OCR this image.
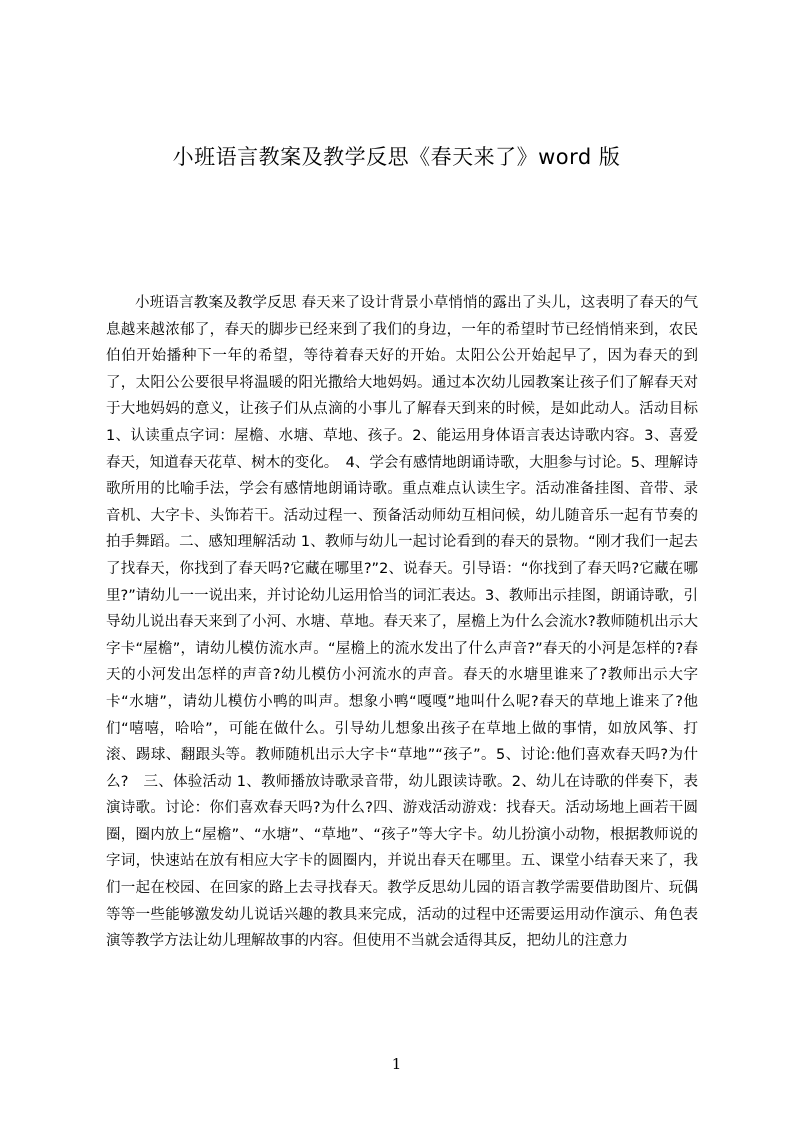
小班语言教案及教学反思《春天来了》word 版

小班语言教案及教学反思 春天来了设计背景小草悄悄的露出了头儿，这表明了春天的气息越来越浓郁了，春天的脚步已经来到了我们的身边，一年的希望时节已经悄悄来到，农民伯伯开始播种下一年的希望，等待着春天好的开始。太阳公公开始起早了，因为春天的到了，太阳公公要很早将温暖的阳光撒给大地妈妈。通过本次幼儿园教案让孩子们了解春天对于大地妈妈的意义，让孩子们从点滴的小事儿了解春天到来的时候，是如此动人。活动目标 1、认读重点字词：屋檐、水塘、草地、孩子。2、能运用身体语言表达诗歌内容。3、喜爱春天，知道春天花草、树木的变化。　4、学会有感情地朗诵诗歌，大胆参与讨论。5、理解诗歌所用的比喻手法，学会有感情地朗诵诗歌。重点难点认读生字。活动准备挂图、音带、录音机、大字卡、头饰若干。活动过程一、预备活动师幼互相问候，幼儿随音乐一起有节奏的拍手舞蹈。二、感知理解活动 1、教师与幼儿一起讨论看到的春天的景物。“刚才我们一起去了找春天，你找到了春天吗?它藏在哪里?”2、说春天。引导语：“你找到了春天吗?它藏在哪里?”请幼儿一一说出来，并讨论幼儿运用恰当的词汇表达。3、教师出示挂图，朗诵诗歌，引导幼儿说出春天来到了小河、水塘、草地。春天来了，屋檐上为什么会流水?教师随机出示大字卡“屋檐”，请幼儿模仿流水声。“屋檐上的流水发出了什么声音?”春天的小河是怎样的?春天的小河发出怎样的声音?幼儿模仿小河流水的声音。春天的水塘里谁来了?教师出示大字卡“水塘”，请幼儿模仿小鸭的叫声。想象小鸭“嘎嘎”地叫什么呢?春天的草地上谁来了?他们“嘻嘻，哈哈”，可能在做什么。引导幼儿想象出孩子在草地上做的事情，如放风筝、打滚、踢球、翻跟头等。教师随机出示大字卡“草地”“孩子”。5、讨论:他们喜欢春天吗?为什么?　三、体验活动 1、教师播放诗歌录音带，幼儿跟读诗歌。2、幼儿在诗歌的伴奏下，表演诗歌。讨论：你们喜欢春天吗?为什么?四、游戏活动游戏：找春天。活动场地上画若干圆圈，圈内放上“屋檐”、“水塘”、“草地”、“孩子”等大字卡。幼儿扮演小动物，根据教师说的字词，快速站在放有相应大字卡的圆圈内，并说出春天在哪里。五、课堂小结春天来了，我们一起在校园、在回家的路上去寻找春天。教学反思幼儿园的语言教学需要借助图片、玩偶等等一些能够激发幼儿说话兴趣的教具来完成，活动的过程中还需要运用动作演示、角色表演等教学方法让幼儿理解故事的内容。但使用不当就会适得其反，把幼儿的注意力

1
